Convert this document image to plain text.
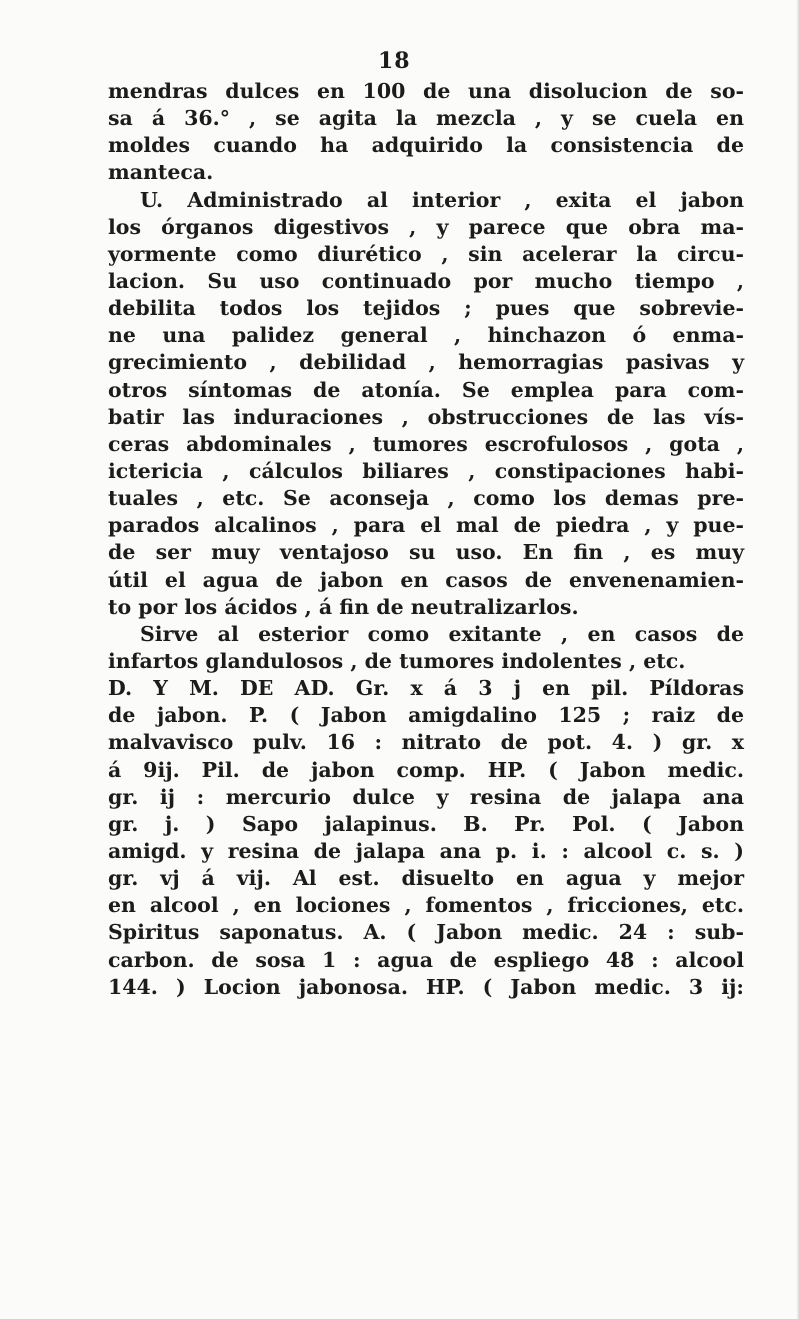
18
mendras dulces en 100 de una disolucion de so-
sa á 36.° , se agita la mezcla , y se cuela en
moldes cuando ha adquirido la consistencia de
manteca.
U. Administrado al interior , exita el jabon
los órganos digestivos , y parece que obra ma-
yormente como diurético , sin acelerar la circu-
lacion. Su uso continuado por mucho tiempo ,
debilita todos los tejidos ; pues que sobrevie-
ne una palidez general , hinchazon ó enma-
grecimiento , debilidad , hemorragias pasivas y
otros síntomas de atonía. Se emplea para com-
batir las induraciones , obstrucciones de las vís-
ceras abdominales , tumores escrofulosos , gota ,
ictericia , cálculos biliares , constipaciones habi-
tuales , etc. Se aconseja , como los demas pre-
parados alcalinos , para el mal de piedra , y pue-
de ser muy ventajoso su uso. En fin , es muy
útil el agua de jabon en casos de envenenamien-
to por los ácidos , á fin de neutralizarlos.
Sirve al esterior como exitante , en casos de
infartos glandulosos , de tumores indolentes , etc.
D. Y M. DE AD. Gr. x á 3 j en pil. Píldoras
de jabon. P. ( Jabon amigdalino 125 ; raiz de
malvavisco pulv. 16 : nitrato de pot. 4. ) gr. x
á 9ij. Pil. de jabon comp. HP. ( Jabon medic.
gr. ij : mercurio dulce y resina de jalapa ana
gr. j. ) Sapo jalapinus. B. Pr. Pol. ( Jabon
amigd. y resina de jalapa ana p. i. : alcool c. s. )
gr. vj á vij. Al est. disuelto en agua y mejor
en alcool , en lociones , fomentos , fricciones, etc.
Spiritus saponatus. A. ( Jabon medic. 24 : sub-
carbon. de sosa 1 : agua de espliego 48 : alcool
144. ) Locion jabonosa. HP. ( Jabon medic. 3 ij:
